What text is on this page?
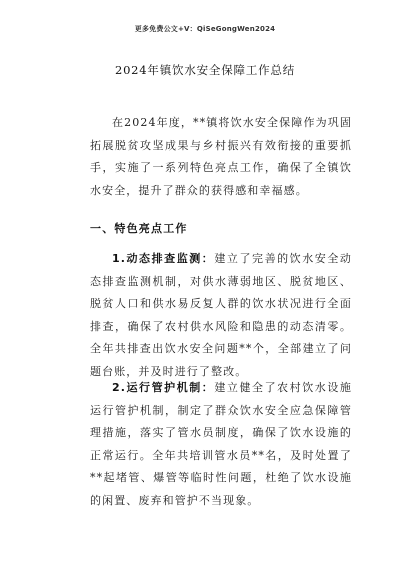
更多免费公文+V：QiSeGongWen2024
2024年镇饮水安全保障工作总结

在2024年度，**镇将饮水安全保障作为巩固拓展脱贫攻坚成果与乡村振兴有效衔接的重要抓手，实施了一系列特色亮点工作，确保了全镇饮水安全，提升了群众的获得感和幸福感。

一、特色亮点工作

1.动态排查监测：建立了完善的饮水安全动态排查监测机制，对供水薄弱地区、脱贫地区、脱贫人口和供水易反复人群的饮水状况进行全面排查，确保了农村供水风险和隐患的动态清零。全年共排查出饮水安全问题**个，全部建立了问题台账，并及时进行了整改。

2.运行管护机制：建立健全了农村饮水设施运行管护机制，制定了群众饮水安全应急保障管理措施，落实了管水员制度，确保了饮水设施的正常运行。全年共培训管水员**名，及时处置了**起堵管、爆管等临时性问题，杜绝了饮水设施的闲置、废弃和管护不当现象。
